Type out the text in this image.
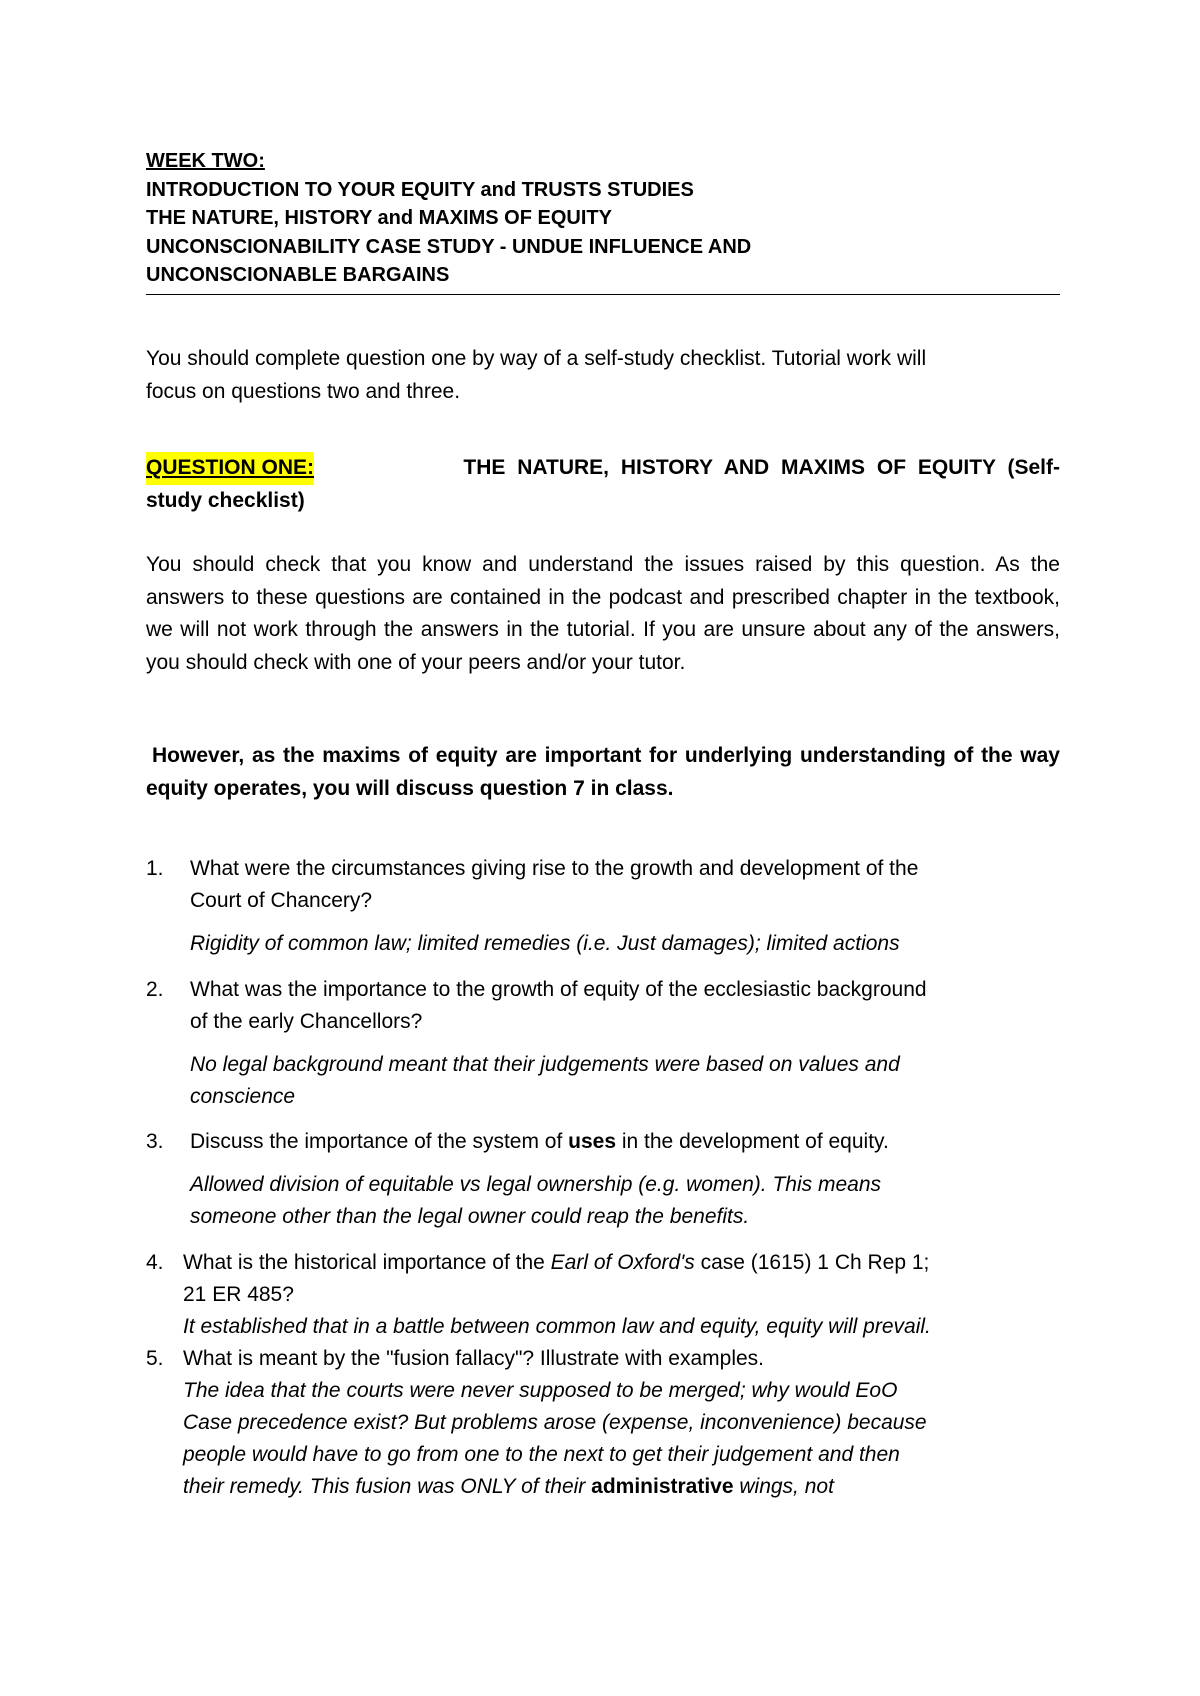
WEEK TWO:
INTRODUCTION TO YOUR EQUITY and TRUSTS STUDIES
THE NATURE, HISTORY and MAXIMS OF EQUITY
UNCONSCIONABILITY CASE STUDY - UNDUE INFLUENCE AND
UNCONSCIONABLE BARGAINS
You should complete question one by way of a self-study checklist. Tutorial work will
focus on questions two and three.
QUESTION ONE:	THE NATURE, HISTORY AND MAXIMS OF EQUITY (Self-
study checklist)
You should check that you know and understand the issues raised by this question. As the answers to these questions are contained in the podcast and prescribed chapter in the textbook, we will not work through the answers in the tutorial. If you are unsure about any of the answers, you should check with one of your peers and/or your tutor.
However, as the maxims of equity are important for underlying understanding of the way equity operates, you will discuss question 7 in class.
1. What were the circumstances giving rise to the growth and development of the
Court of Chancery?
Rigidity of common law; limited remedies (i.e. Just damages); limited actions
2. What was the importance to the growth of equity of the ecclesiastic background
of the early Chancellors?
No legal background meant that their judgements were based on values and
conscience
3. Discuss the importance of the system of uses in the development of equity.
Allowed division of equitable vs legal ownership (e.g. women). This means
someone other than the legal owner could reap the benefits.
4. What is the historical importance of the Earl of Oxford's case (1615) 1 Ch Rep 1;
21 ER 485?
It established that in a battle between common law and equity, equity will prevail.
5. What is meant by the "fusion fallacy"? Illustrate with examples.
The idea that the courts were never supposed to be merged; why would EoO
Case precedence exist? But problems arose (expense, inconvenience) because
people would have to go from one to the next to get their judgement and then
their remedy. This fusion was ONLY of their administrative wings, not
